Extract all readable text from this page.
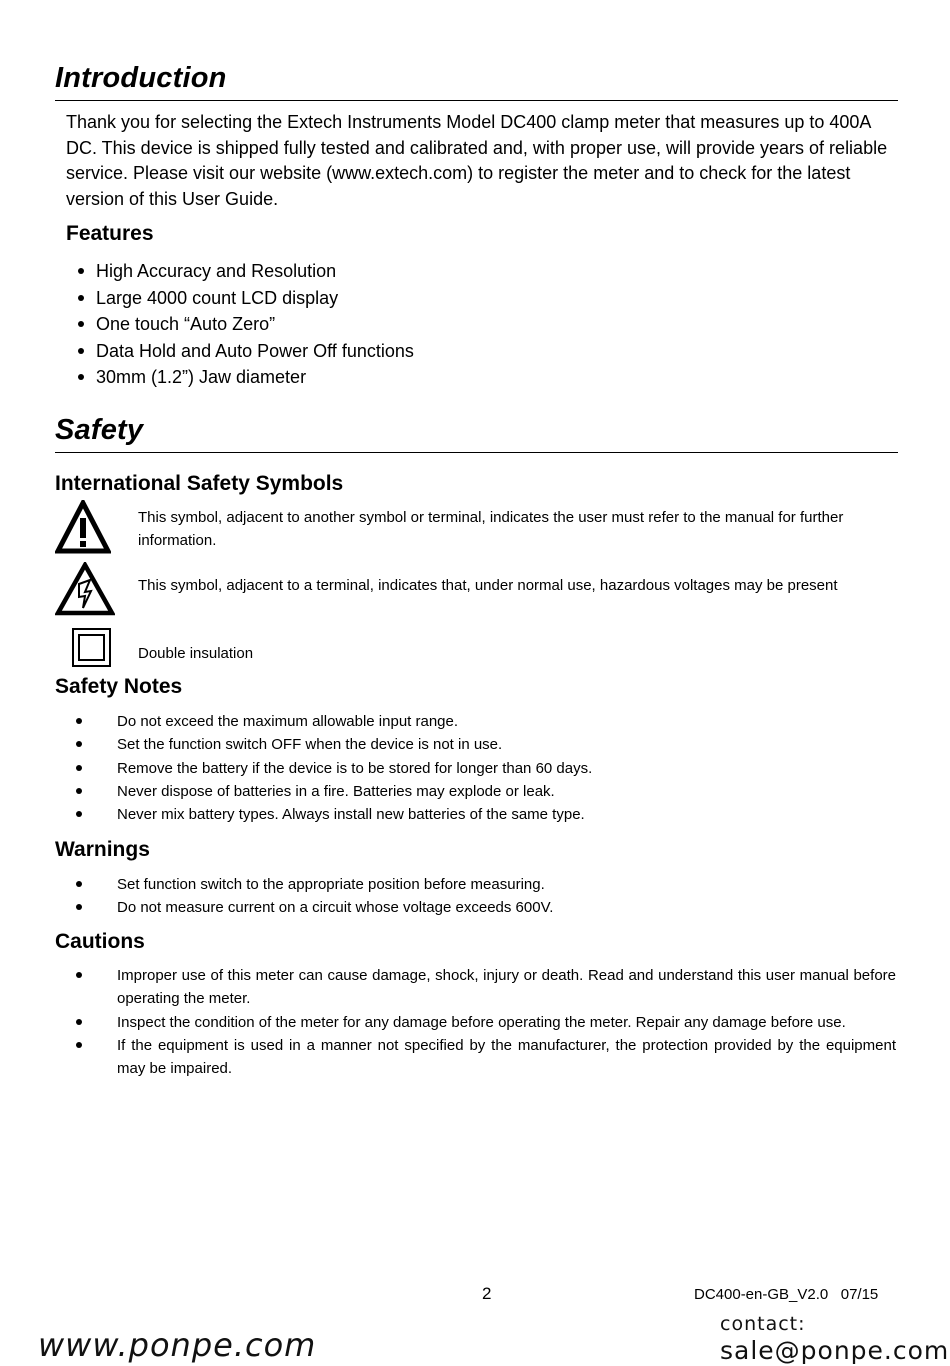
Introduction
Thank you for selecting the Extech Instruments Model DC400 clamp meter that measures up to 400A DC. This device is shipped fully tested and calibrated and, with proper use, will provide years of reliable service. Please visit our website (www.extech.com) to register the meter and to check for the latest version of this User Guide.
Features
High Accuracy and Resolution
Large 4000 count LCD display
One touch “Auto Zero”
Data Hold and Auto Power Off functions
30mm (1.2”) Jaw diameter
Safety
International Safety Symbols
This symbol, adjacent to another symbol or terminal, indicates the user must refer to the manual for further information.
This symbol, adjacent to a terminal, indicates that, under normal use, hazardous voltages may be present
Double insulation
Safety Notes
Do not exceed the maximum allowable input range.
Set the function switch OFF when the device is not in use.
Remove the battery if the device is to be stored for longer than 60 days.
Never dispose of batteries in a fire. Batteries may explode or leak.
Never mix battery types. Always install new batteries of the same type.
Warnings
Set function switch to the appropriate position before measuring.
Do not measure current on a circuit whose voltage exceeds 600V.
Cautions
Improper use of this meter can cause damage, shock, injury or death. Read and understand this user manual before operating the meter.
Inspect the condition of the meter for any damage before operating the meter. Repair any damage before use.
If the equipment is used in a manner not specified by the manufacturer, the protection provided by the equipment may be impaired.
2	DC400-en-GB_V2.0   07/15
www.ponpe.com
contact:
sale@ponpe.com
